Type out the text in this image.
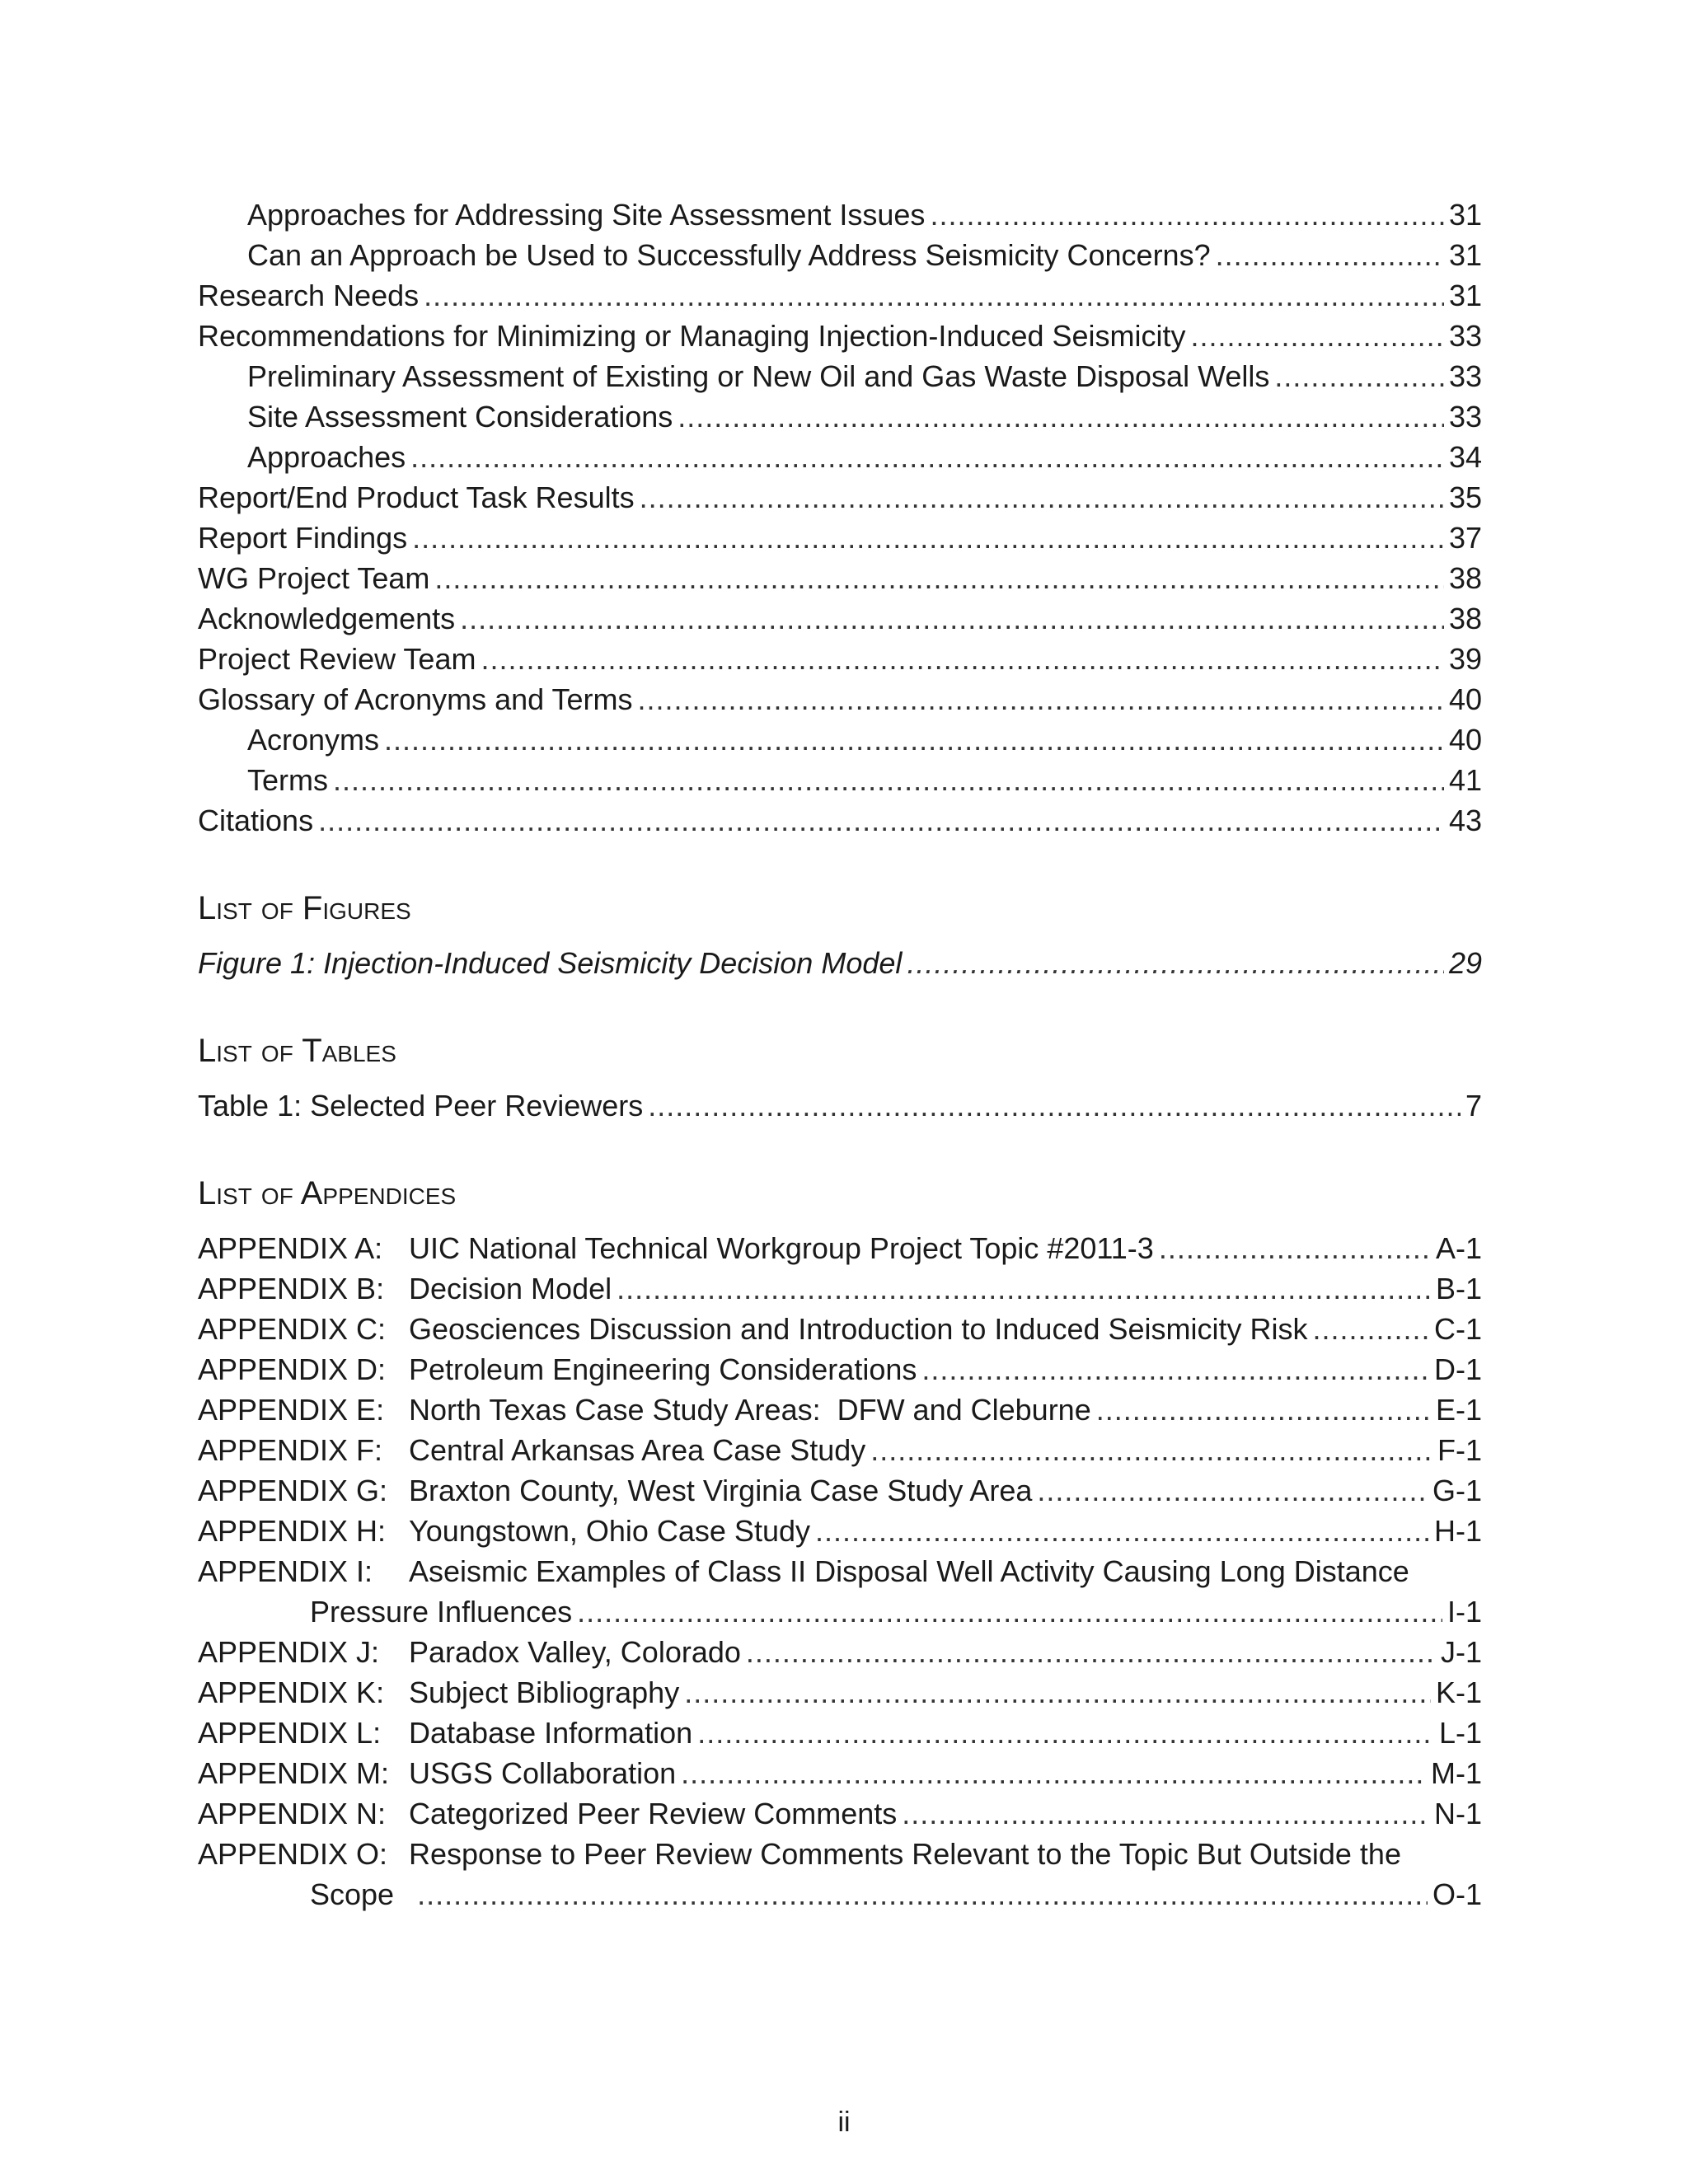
Approaches for Addressing Site Assessment Issues .....	31
Can an Approach be Used to Successfully Address Seismicity Concerns? .....	31
Research Needs .....	31
Recommendations for Minimizing or Managing Injection-Induced Seismicity .....	33
Preliminary Assessment of Existing or New Oil and Gas Waste Disposal Wells .....	33
Site Assessment Considerations .....	33
Approaches .....	34
Report/End Product Task Results .....	35
Report Findings .....	37
WG Project Team .....	38
Acknowledgements .....	38
Project Review Team .....	39
Glossary of Acronyms and Terms .....	40
Acronyms .....	40
Terms .....	41
Citations .....	43
List of Figures
Figure 1: Injection-Induced Seismicity Decision Model .....	29
List of Tables
Table 1: Selected Peer Reviewers .....	7
List of Appendices
APPENDIX A: UIC National Technical Workgroup Project Topic #2011-3 .....	A-1
APPENDIX B: Decision Model .....	B-1
APPENDIX C: Geosciences Discussion and Introduction to Induced Seismicity Risk .....	C-1
APPENDIX D: Petroleum Engineering Considerations .....	D-1
APPENDIX E: North Texas Case Study Areas:  DFW and Cleburne .....	E-1
APPENDIX F: Central Arkansas Area Case Study .....	F-1
APPENDIX G: Braxton County, West Virginia Case Study Area .....	G-1
APPENDIX H: Youngstown, Ohio Case Study .....	H-1
APPENDIX I:	Aseismic Examples of Class II Disposal Well Activity Causing Long Distance
Pressure Influences .....	I-1
APPENDIX J: Paradox Valley, Colorado .....	J-1
APPENDIX K: Subject Bibliography .....	K-1
APPENDIX L: Database Information .....	L-1
APPENDIX M: USGS Collaboration .....	M-1
APPENDIX N: Categorized Peer Review Comments .....	N-1
APPENDIX O: Response to Peer Review Comments Relevant to the Topic But Outside the
Scope .....	O-1
ii
